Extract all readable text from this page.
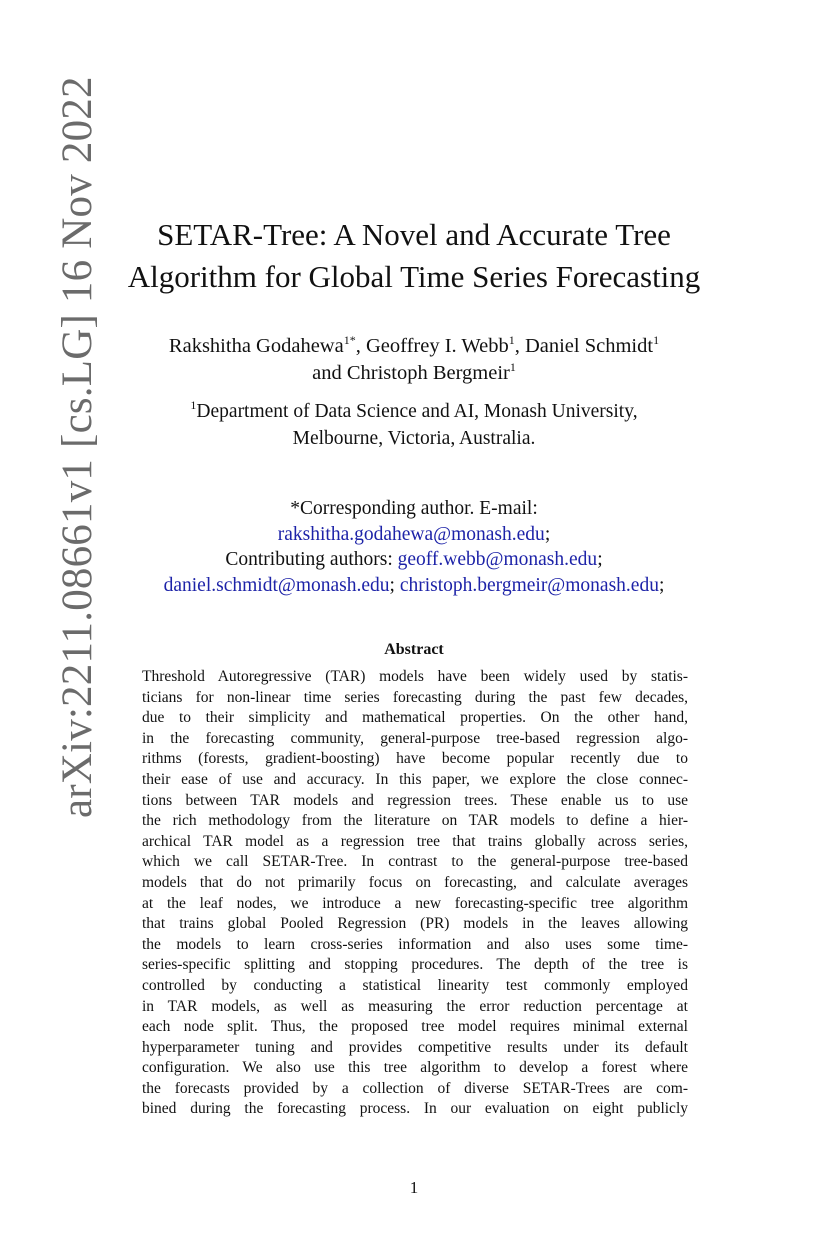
arXiv:2211.08661v1 [cs.LG] 16 Nov 2022	SETAR-Tree: A Novel and Accurate Tree
Algorithm for Global Time Series Forecasting
Rakshitha Godahewa$^{1*}$, Geoffrey I. Webb$^1$, Daniel Schmidt$^1$
and Christoph Bergmeir$^1$
$^1$Department of Data Science and AI, Monash University,
Melbourne, Victoria, Australia.
*Corresponding author. E-mail:
rakshitha.godahewa@monash.edu;
Contributing authors: geoff.webb@monash.edu;
daniel.schmidt@monash.edu; christoph.bergmeir@monash.edu;
Abstract
Threshold Autoregressive (TAR) models have been widely used by statis-
ticians for non-linear time series forecasting during the past few decades,
due to their simplicity and mathematical properties. On the other hand,
in the forecasting community, general-purpose tree-based regression algo-
rithms (forests, gradient-boosting) have become popular recently due to
their ease of use and accuracy. In this paper, we explore the close connec-
tions between TAR models and regression trees. These enable us to use
the rich methodology from the literature on TAR models to define a hier-
archical TAR model as a regression tree that trains globally across series,
which we call SETAR-Tree. In contrast to the general-purpose tree-based
models that do not primarily focus on forecasting, and calculate averages
at the leaf nodes, we introduce a new forecasting-specific tree algorithm
that trains global Pooled Regression (PR) models in the leaves allowing
the models to learn cross-series information and also uses some time-
series-specific splitting and stopping procedures. The depth of the tree is
controlled by conducting a statistical linearity test commonly employed
in TAR models, as well as measuring the error reduction percentage at
each node split. Thus, the proposed tree model requires minimal external
hyperparameter tuning and provides competitive results under its default
configuration. We also use this tree algorithm to develop a forest where
the forecasts provided by a collection of diverse SETAR-Trees are com-
bined during the forecasting process. In our evaluation on eight publicly
1
